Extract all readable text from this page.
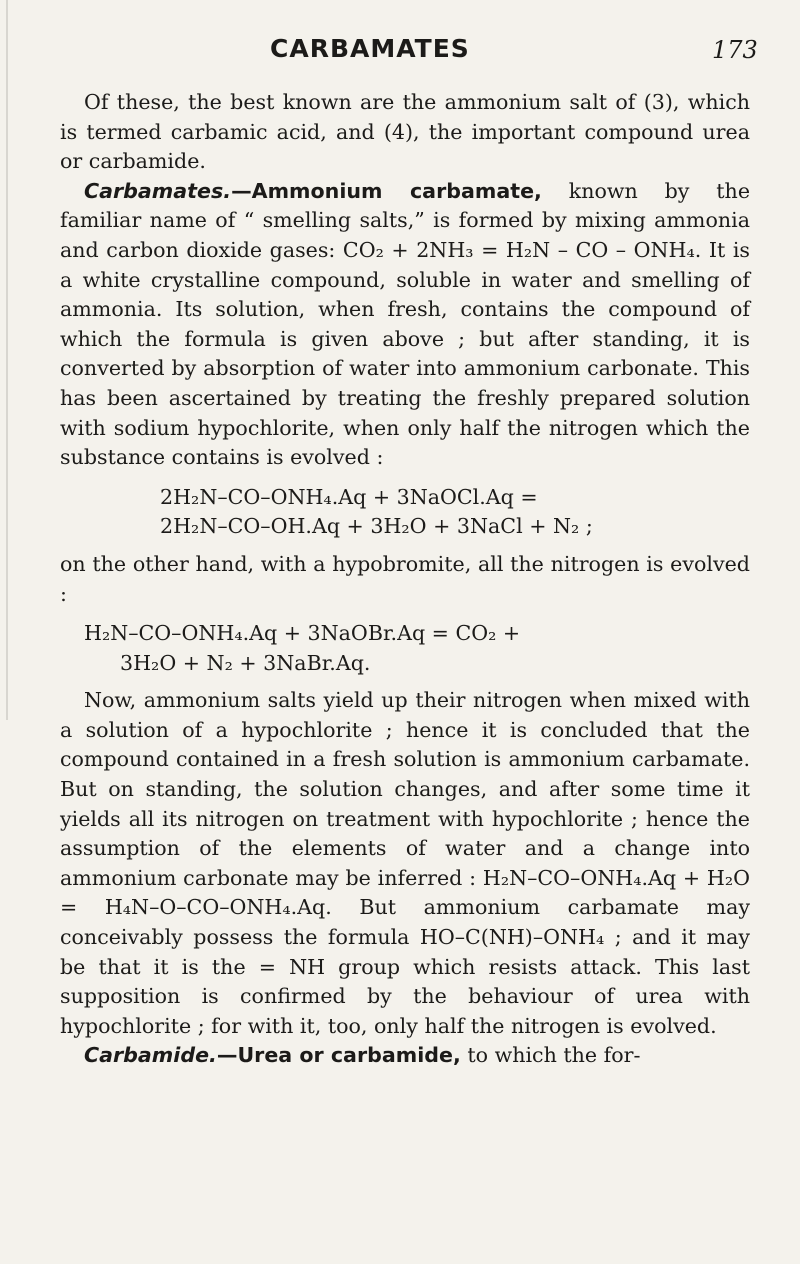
CARBAMATES	173

Of these, the best known are the ammonium salt of (3), which is termed carbamic acid, and (4), the important compound urea or carbamide.

Carbamates.—Ammonium carbamate, known by the familiar name of “ smelling salts,” is formed by mixing ammonia and carbon dioxide gases: CO₂ + 2NH₃ = H₂N – CO – ONH₄. It is a white crystalline compound, soluble in water and smelling of ammonia. Its solution, when fresh, contains the compound of which the formula is given above ; but after standing, it is converted by absorption of water into ammonium carbonate. This has been ascertained by treating the freshly prepared solution with sodium hypochlorite, when only half the nitrogen which the substance contains is evolved :

2H₂N–CO–ONH₄.Aq + 3NaOCl.Aq =
2H₂N–CO–OH.Aq + 3H₂O + 3NaCl + N₂ ;

on the other hand, with a hypobromite, all the nitrogen is evolved :

H₂N–CO–ONH₄.Aq + 3NaOBr.Aq = CO₂ +
3H₂O + N₂ + 3NaBr.Aq.

Now, ammonium salts yield up their nitrogen when mixed with a solution of a hypochlorite ; hence it is concluded that the compound contained in a fresh solution is ammonium carbamate. But on standing, the solution changes, and after some time it yields all its nitrogen on treatment with hypochlorite ; hence the assumption of the elements of water and a change into ammonium carbonate may be inferred : H₂N–CO–ONH₄.Aq + H₂O = H₄N–O–CO–ONH₄.Aq. But ammonium carbamate may conceivably possess the formula HO–C(NH)–ONH₄ ; and it may be that it is the = NH group which resists attack. This last supposition is confirmed by the behaviour of urea with hypochlorite ; for with it, too, only half the nitrogen is evolved.

Carbamide.—Urea or carbamide, to which the for-
